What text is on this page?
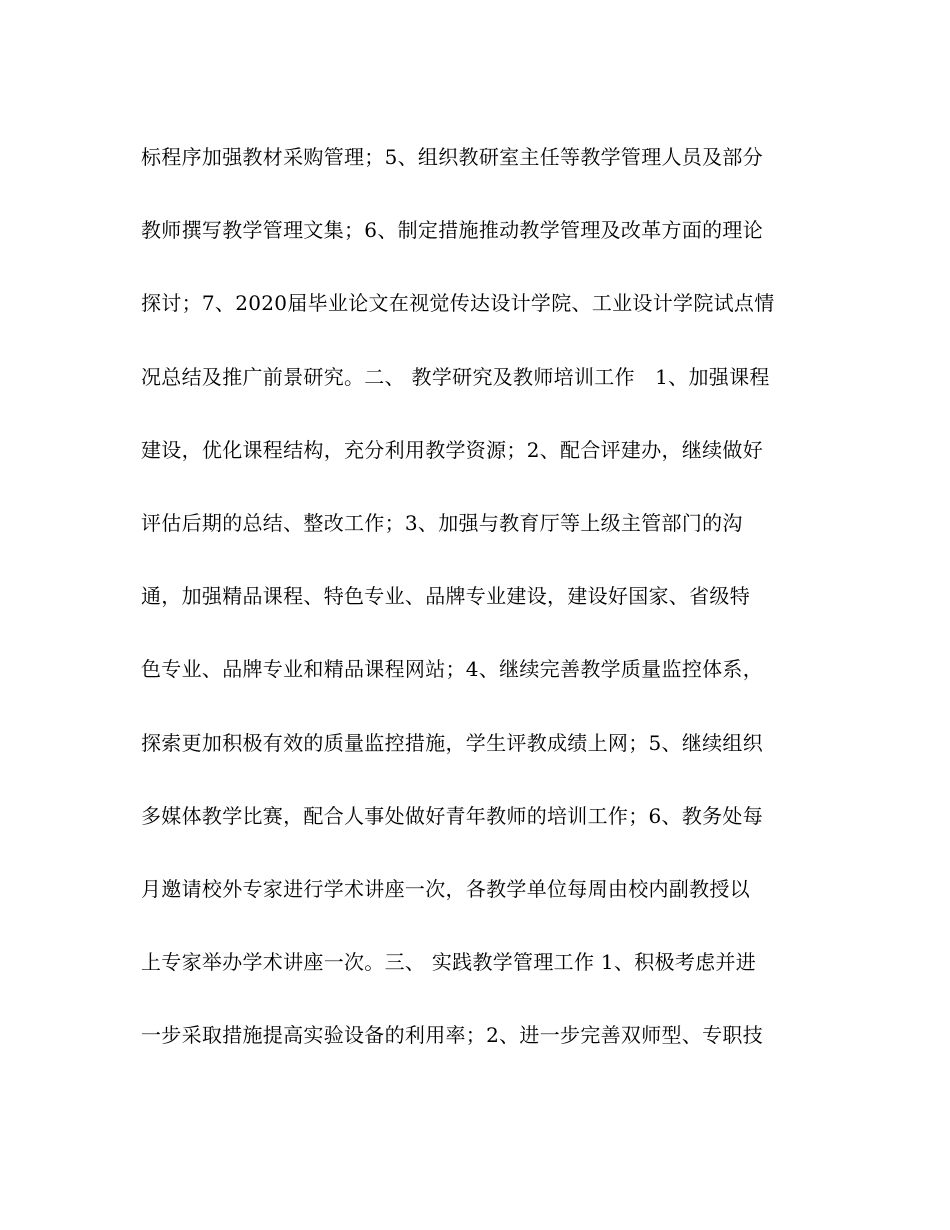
标程序加强教材采购管理；5、组织教研室主任等教学管理人员及部分
教师撰写教学管理文集；6、制定措施推动教学管理及改革方面的理论
探讨；7、2020届毕业论文在视觉传达设计学院、工业设计学院试点情
况总结及推广前景研究。二、 教学研究及教师培训工作　1、加强课程
建设，优化课程结构，充分利用教学资源；2、配合评建办，继续做好
评估后期的总结、整改工作；3、加强与教育厅等上级主管部门的沟
通，加强精品课程、特色专业、品牌专业建设，建设好国家、省级特
色专业、品牌专业和精品课程网站；4、继续完善教学质量监控体系，
探索更加积极有效的质量监控措施，学生评教成绩上网；5、继续组织
多媒体教学比赛，配合人事处做好青年教师的培训工作；6、教务处每
月邀请校外专家进行学术讲座一次，各教学单位每周由校内副教授以
上专家举办学术讲座一次。三、 实践教学管理工作 1、积极考虑并进
一步采取措施提高实验设备的利用率；2、进一步完善双师型、专职技
